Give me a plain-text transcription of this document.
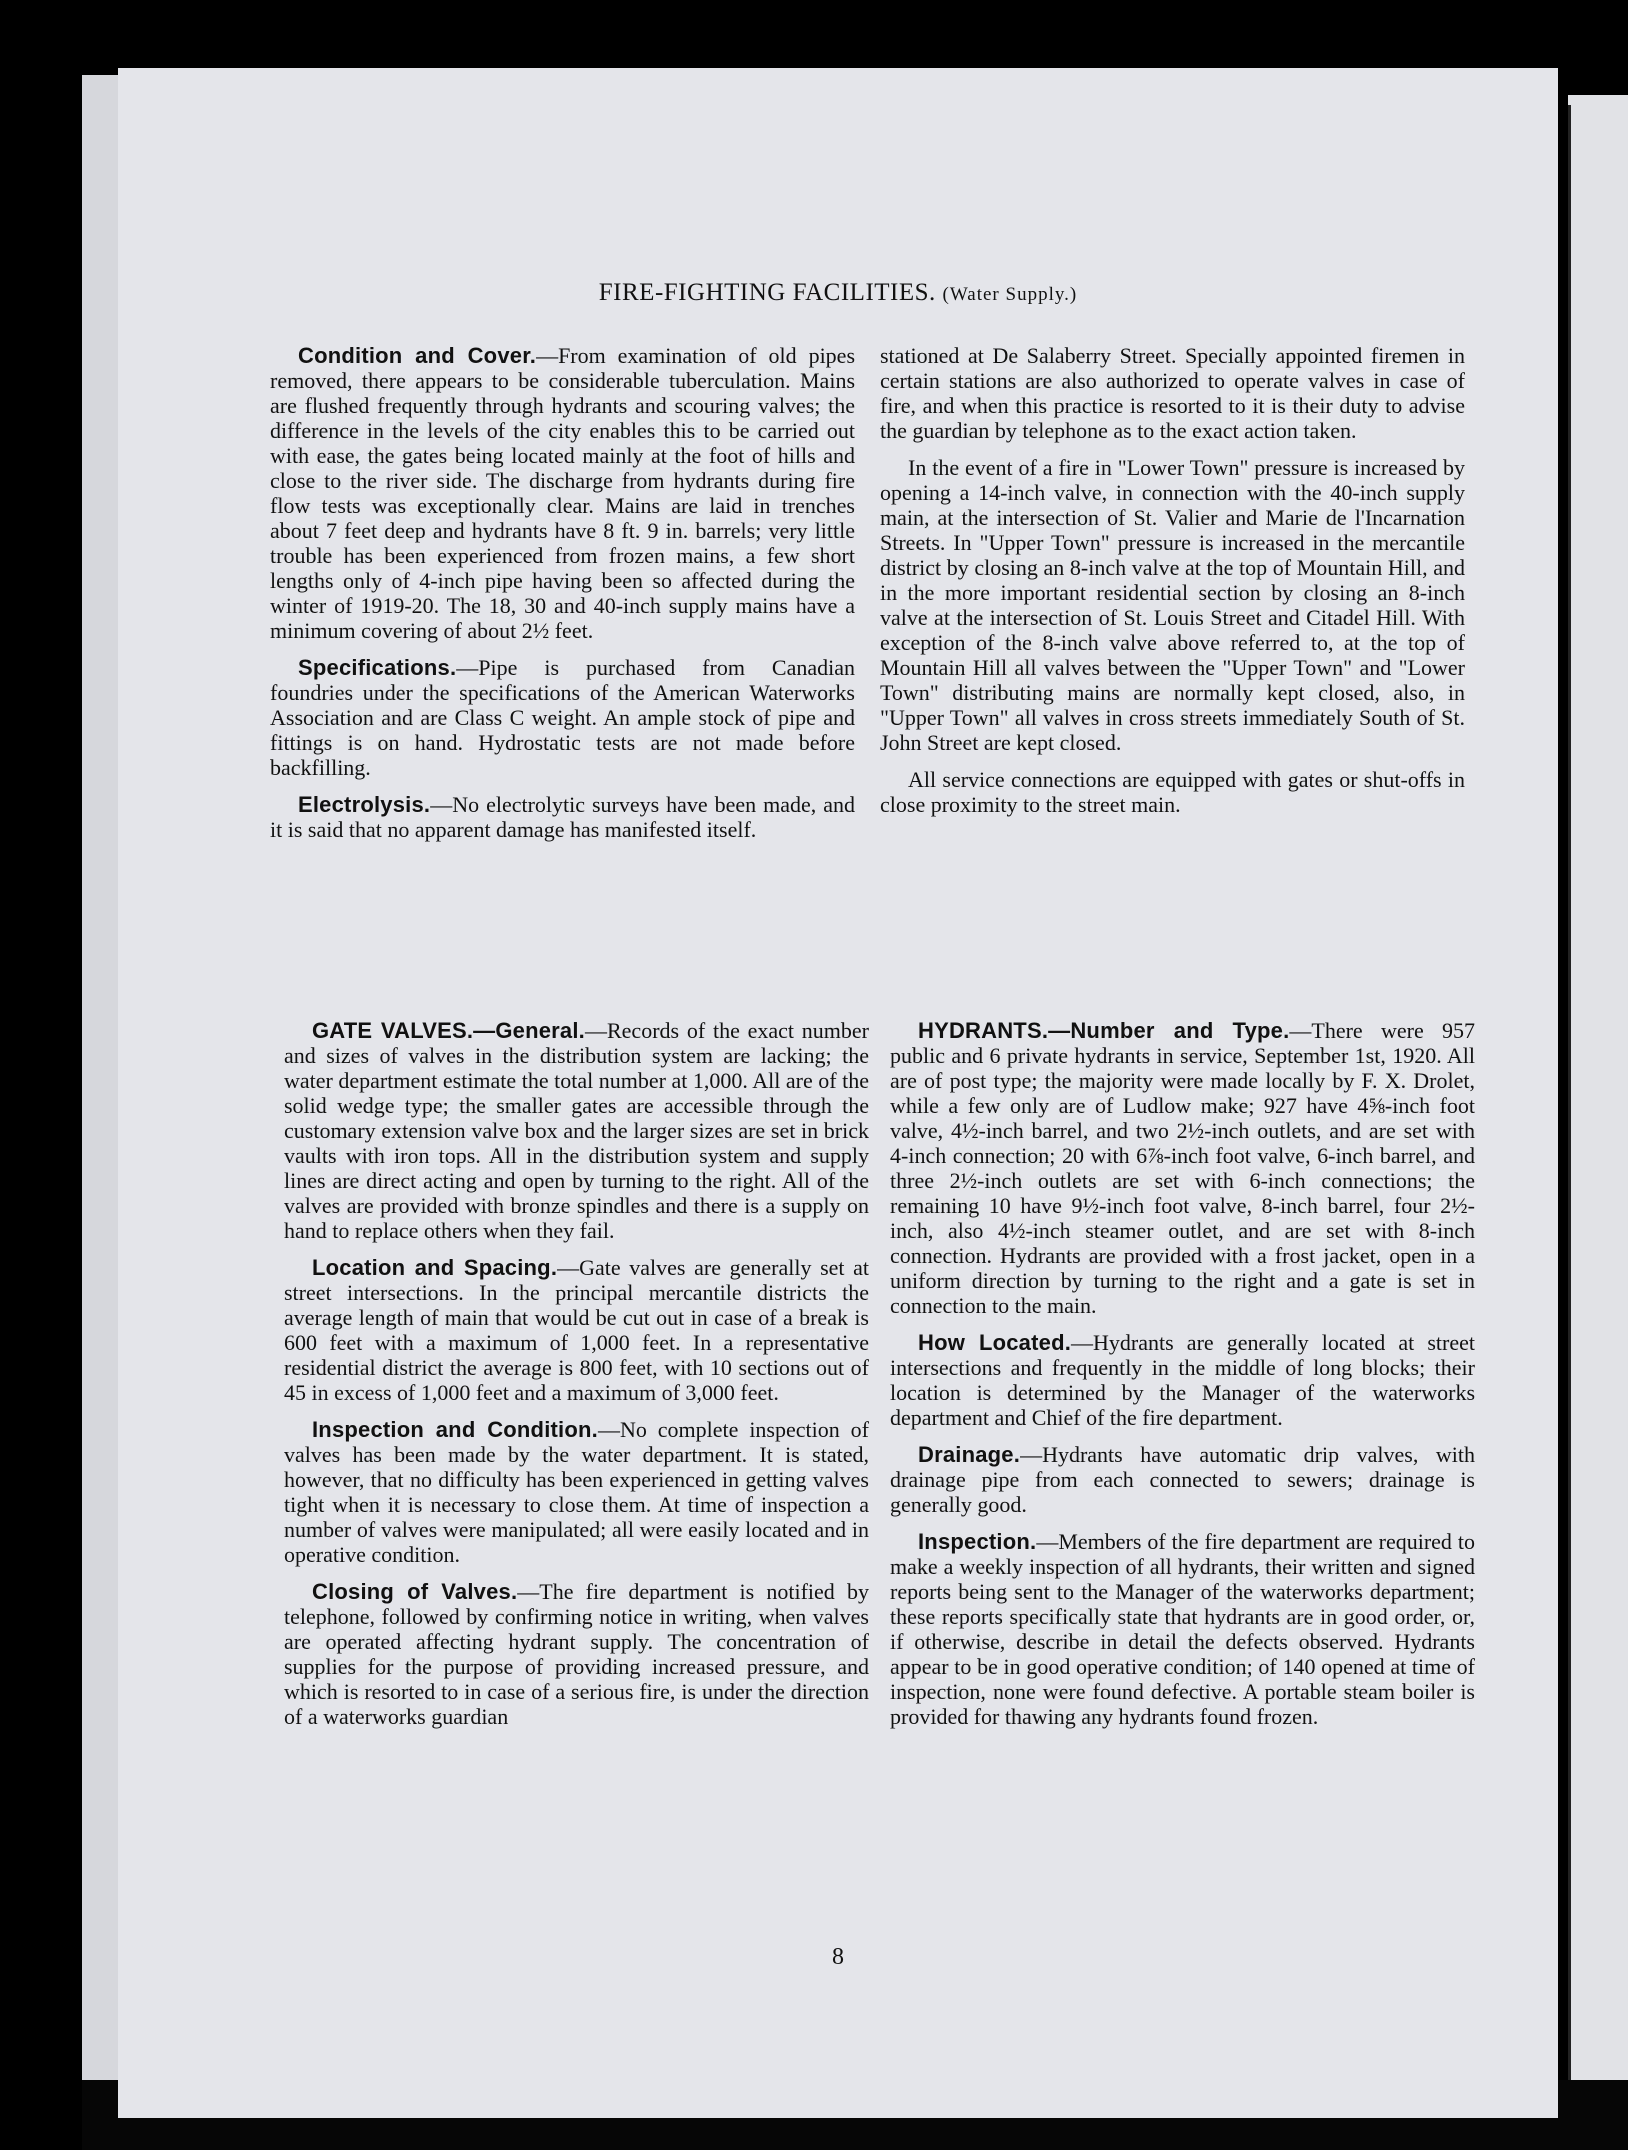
FIRE-FIGHTING FACILITIES. (Water Supply.)

Condition and Cover.—From examination of old pipes removed, there appears to be considerable tuberculation. Mains are flushed frequently through hydrants and scouring valves; the difference in the levels of the city enables this to be carried out with ease, the gates being located mainly at the foot of hills and close to the river side. The discharge from hydrants during fire flow tests was exceptionally clear. Mains are laid in trenches about 7 feet deep and hydrants have 8 ft. 9 in. barrels; very little trouble has been experienced from frozen mains, a few short lengths only of 4-inch pipe having been so affected during the winter of 1919-20. The 18, 30 and 40-inch supply mains have a minimum covering of about 2½ feet.

Specifications.—Pipe is purchased from Canadian foundries under the specifications of the American Waterworks Association and are Class C weight. An ample stock of pipe and fittings is on hand. Hydrostatic tests are not made before backfilling.

Electrolysis.—No electrolytic surveys have been made, and it is said that no apparent damage has manifested itself.

stationed at De Salaberry Street. Specially appointed firemen in certain stations are also authorized to operate valves in case of fire, and when this practice is resorted to it is their duty to advise the guardian by telephone as to the exact action taken.

In the event of a fire in "Lower Town" pressure is increased by opening a 14-inch valve, in connection with the 40-inch supply main, at the intersection of St. Valier and Marie de l'Incarnation Streets. In "Upper Town" pressure is increased in the mercantile district by closing an 8-inch valve at the top of Mountain Hill, and in the more important residential section by closing an 8-inch valve at the intersection of St. Louis Street and Citadel Hill. With exception of the 8-inch valve above referred to, at the top of Mountain Hill all valves between the "Upper Town" and "Lower Town" distributing mains are normally kept closed, also, in "Upper Town" all valves in cross streets immediately South of St. John Street are kept closed.

All service connections are equipped with gates or shut-offs in close proximity to the street main.

GATE VALVES.—General.—Records of the exact number and sizes of valves in the distribution system are lacking; the water department estimate the total number at 1,000. All are of the solid wedge type; the smaller gates are accessible through the customary extension valve box and the larger sizes are set in brick vaults with iron tops. All in the distribution system and supply lines are direct acting and open by turning to the right. All of the valves are provided with bronze spindles and there is a supply on hand to replace others when they fail.

Location and Spacing.—Gate valves are generally set at street intersections. In the principal mercantile districts the average length of main that would be cut out in case of a break is 600 feet with a maximum of 1,000 feet. In a representative residential district the average is 800 feet, with 10 sections out of 45 in excess of 1,000 feet and a maximum of 3,000 feet.

Inspection and Condition.—No complete inspection of valves has been made by the water department. It is stated, however, that no difficulty has been experienced in getting valves tight when it is necessary to close them. At time of inspection a number of valves were manipulated; all were easily located and in operative condition.

Closing of Valves.—The fire department is notified by telephone, followed by confirming notice in writing, when valves are operated affecting hydrant supply. The concentration of supplies for the purpose of providing increased pressure, and which is resorted to in case of a serious fire, is under the direction of a waterworks guardian

HYDRANTS.—Number and Type.—There were 957 public and 6 private hydrants in service, September 1st, 1920. All are of post type; the majority were made locally by F. X. Drolet, while a few only are of Ludlow make; 927 have 4⅝-inch foot valve, 4½-inch barrel, and two 2½-inch outlets, and are set with 4-inch connection; 20 with 6⅞-inch foot valve, 6-inch barrel, and three 2½-inch outlets are set with 6-inch connections; the remaining 10 have 9½-inch foot valve, 8-inch barrel, four 2½-inch, also 4½-inch steamer outlet, and are set with 8-inch connection. Hydrants are provided with a frost jacket, open in a uniform direction by turning to the right and a gate is set in connection to the main.

How Located.—Hydrants are generally located at street intersections and frequently in the middle of long blocks; their location is determined by the Manager of the waterworks department and Chief of the fire department.

Drainage.—Hydrants have automatic drip valves, with drainage pipe from each connected to sewers; drainage is generally good.

Inspection.—Members of the fire department are required to make a weekly inspection of all hydrants, their written and signed reports being sent to the Manager of the waterworks department; these reports specifically state that hydrants are in good order, or, if otherwise, describe in detail the defects observed. Hydrants appear to be in good operative condition; of 140 opened at time of inspection, none were found defective. A portable steam boiler is provided for thawing any hydrants found frozen.

8
